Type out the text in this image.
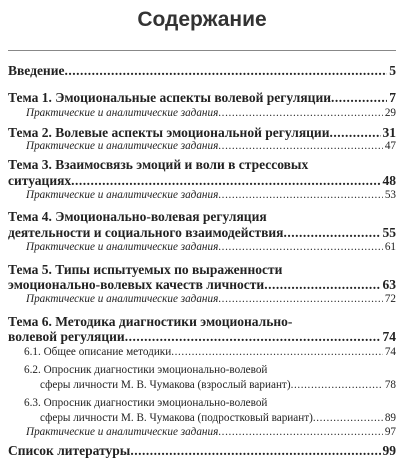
Содержание
Введение .....	5
Тема 1. Эмоциональные аспекты волевой регуляции .....	7
Практические и аналитические задания .....	29
Тема 2. Волевые аспекты эмоциональной регуляции .....	31
Практические и аналитические задания .....	47
Тема 3. Взаимосвязь эмоций и воли в стрессовых
ситуациях .....	48
Практические и аналитические задания .....	53
Тема 4. Эмоционально-волевая регуляция
деятельности и социального взаимодействия .....	55
Практические и аналитические задания .....	61
Тема 5. Типы испытуемых по выраженности
эмоционально-волевых качеств личности .....	63
Практические и аналитические задания .....	72
Тема 6. Методика диагностики эмоционально-
волевой регуляции .....	74
6.1. Общее описание методики .....	74
6.2. Опросник диагностики эмоционально-волевой
сферы личности М. В. Чумакова (взрослый вариант) .....	78
6.3. Опросник диагностики эмоционально-волевой
сферы личности М. В. Чумакова (подростковый вариант) .....	89
Практические и аналитические задания .....	97
Список литературы .....	99
